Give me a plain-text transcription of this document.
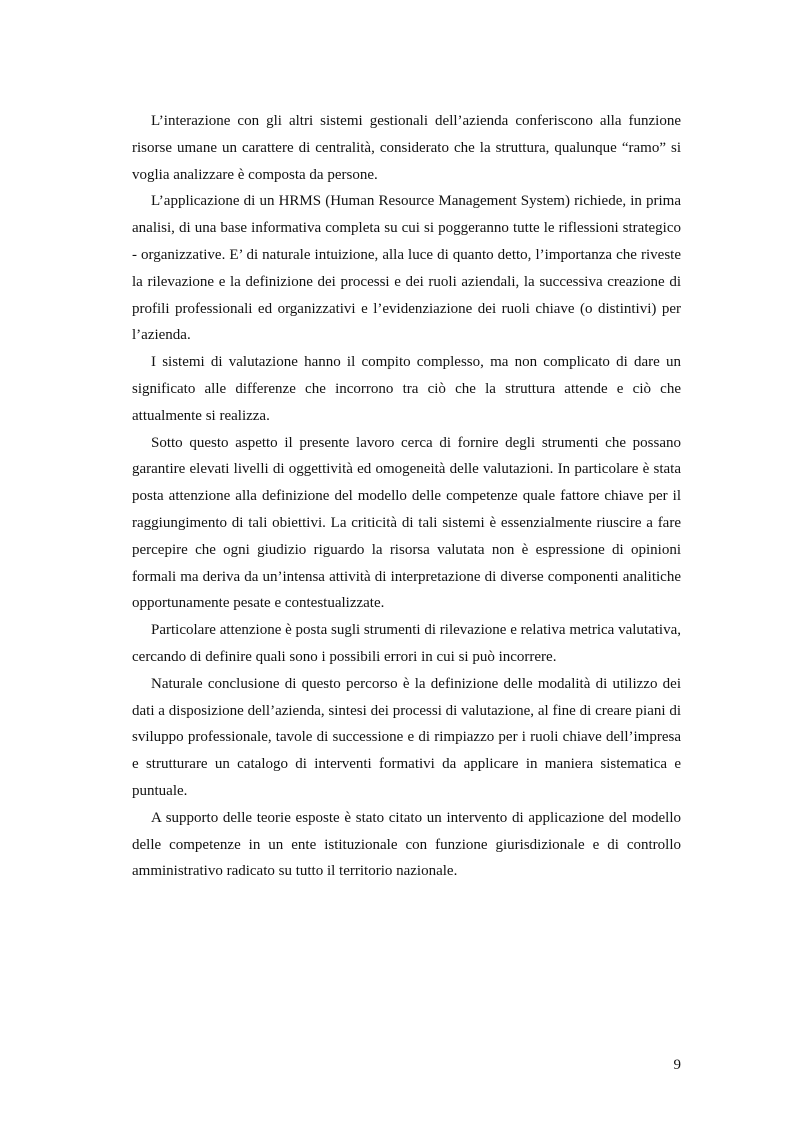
L’interazione con gli altri sistemi gestionali dell’azienda conferiscono alla funzione risorse umane un carattere di centralità, considerato che la struttura, qualunque “ramo” si voglia analizzare è composta da persone.

L’applicazione di un HRMS (Human Resource Management System) richiede, in prima analisi, di una base informativa completa su cui si poggeranno tutte le riflessioni strategico - organizzative. E’ di naturale intuizione, alla luce di quanto detto, l’importanza che riveste la rilevazione e la definizione dei processi e dei ruoli aziendali, la successiva creazione di profili professionali ed organizzativi e l’evidenziazione dei ruoli chiave (o distintivi) per l’azienda.

I sistemi di valutazione hanno il compito complesso, ma non complicato di dare un significato alle differenze che incorrono tra ciò che la struttura attende e ciò che attualmente si realizza.

Sotto questo aspetto il presente lavoro cerca di fornire degli strumenti che possano garantire elevati livelli di oggettività ed omogeneità delle valutazioni. In particolare è stata posta attenzione alla definizione del modello delle competenze quale fattore chiave per il raggiungimento di tali obiettivi. La criticità di tali sistemi è essenzialmente riuscire a fare percepire che ogni giudizio riguardo la risorsa valutata non è espressione di opinioni formali ma deriva da un’intensa attività di interpretazione di diverse componenti analitiche opportunamente pesate e contestualizzate.

Particolare attenzione è posta sugli strumenti di rilevazione e relativa metrica valutativa, cercando di definire quali sono i possibili errori in cui si può incorrere.

Naturale conclusione di questo percorso è la definizione delle modalità di utilizzo dei dati a disposizione dell’azienda, sintesi dei processi di valutazione, al fine di creare piani di sviluppo professionale, tavole di successione e di rimpiazzo per i ruoli chiave dell’impresa e strutturare un catalogo di interventi formativi da applicare in maniera sistematica e puntuale.

A supporto delle teorie esposte è stato citato un intervento di applicazione del modello delle competenze in un ente istituzionale con funzione giurisdizionale e di controllo amministrativo radicato su tutto il territorio nazionale.

9
